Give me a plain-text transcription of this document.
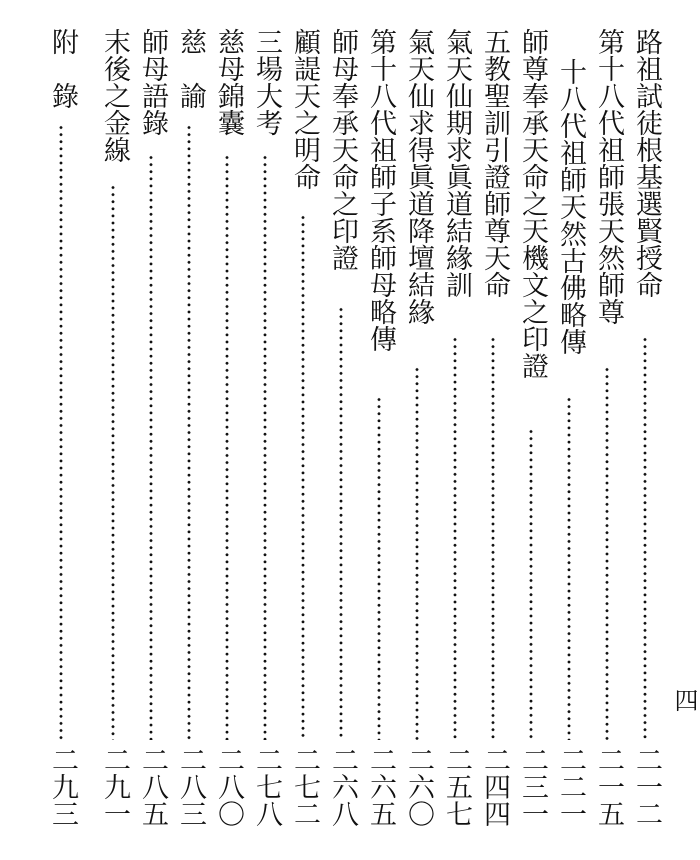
路祖試徒根基選賢授命
二一二
第十八代祖師張天然師尊
二一五
十八代祖師天然古佛略傳
二二一
師尊奉承天命之天機文之印證
二三一
五教聖訓引證師尊天命
二四四
氣天仙期求眞道結緣訓
二五七
氣天仙求得眞道降壇結緣
二六〇
第十八代祖師子系師母略傳
二六五
師母奉承天命之印證
二六八
顧諟天之明命
二七二
三場大考
二七八
慈母錦囊
二八〇
慈　諭
二八三
師母語錄
二八五
末後之金線
二九一
附　錄
二九三
四
